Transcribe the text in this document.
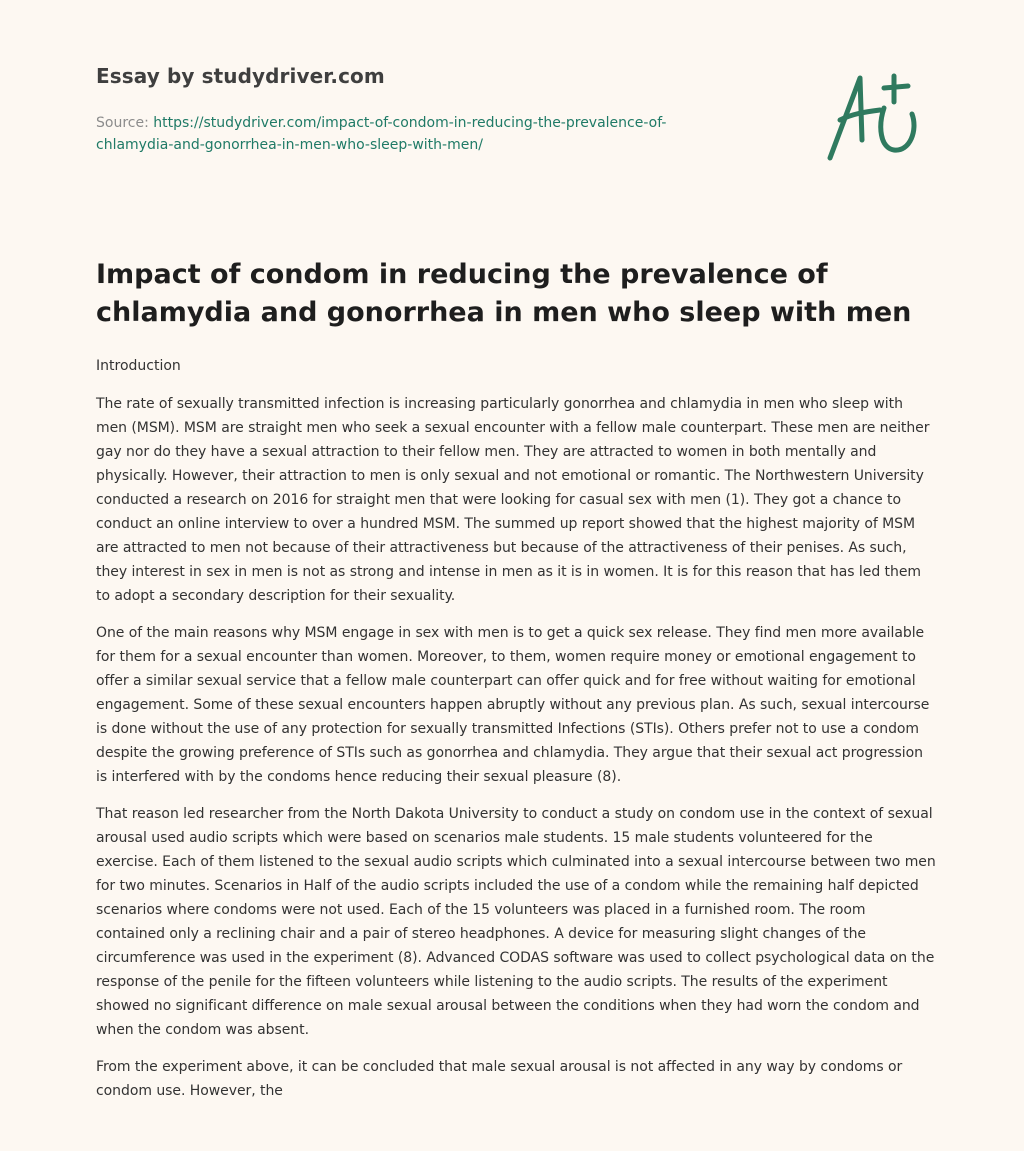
Essay by studydriver.com
Source: https://studydriver.com/impact-of-condom-in-reducing-the-prevalence-of-chlamydia-and-gonorrhea-in-men-who-sleep-with-men/
Impact of condom in reducing the prevalence of chlamydia and gonorrhea in men who sleep with men
Introduction

The rate of sexually transmitted infection is increasing particularly gonorrhea and chlamydia in men who sleep with men (MSM). MSM are straight men who seek a sexual encounter with a fellow male counterpart. These men are neither gay nor do they have a sexual attraction to their fellow men. They are attracted to women in both mentally and physically. However, their attraction to men is only sexual and not emotional or romantic. The Northwestern University conducted a research on 2016 for straight men that were looking for casual sex with men (1). They got a chance to conduct an online interview to over a hundred MSM. The summed up report showed that the highest majority of MSM are attracted to men not because of their attractiveness but because of the attractiveness of their penises. As such, they interest in sex in men is not as strong and intense in men as it is in women. It is for this reason that has led them to adopt a secondary description for their sexuality.

One of the main reasons why MSM engage in sex with men is to get a quick sex release. They find men more available for them for a sexual encounter than women. Moreover, to them, women require money or emotional engagement to offer a similar sexual service that a fellow male counterpart can offer quick and for free without waiting for emotional engagement. Some of these sexual encounters happen abruptly without any previous plan. As such, sexual intercourse is done without the use of any protection for sexually transmitted Infections (STIs). Others prefer not to use a condom despite the growing preference of STIs such as gonorrhea and chlamydia. They argue that their sexual act progression is interfered with by the condoms hence reducing their sexual pleasure (8).

That reason led researcher from the North Dakota University to conduct a study on condom use in the context of sexual arousal used audio scripts which were based on scenarios male students. 15 male students volunteered for the exercise. Each of them listened to the sexual audio scripts which culminated into a sexual intercourse between two men for two minutes. Scenarios in Half of the audio scripts included the use of a condom while the remaining half depicted scenarios where condoms were not used. Each of the 15 volunteers was placed in a furnished room. The room contained only a reclining chair and a pair of stereo headphones. A device for measuring slight changes of the circumference was used in the experiment (8). Advanced CODAS software was used to collect psychological data on the response of the penile for the fifteen volunteers while listening to the audio scripts. The results of the experiment showed no significant difference on male sexual arousal between the conditions when they had worn the condom and when the condom was absent.

From the experiment above, it can be concluded that male sexual arousal is not affected in any way by condoms or condom use. However, the
